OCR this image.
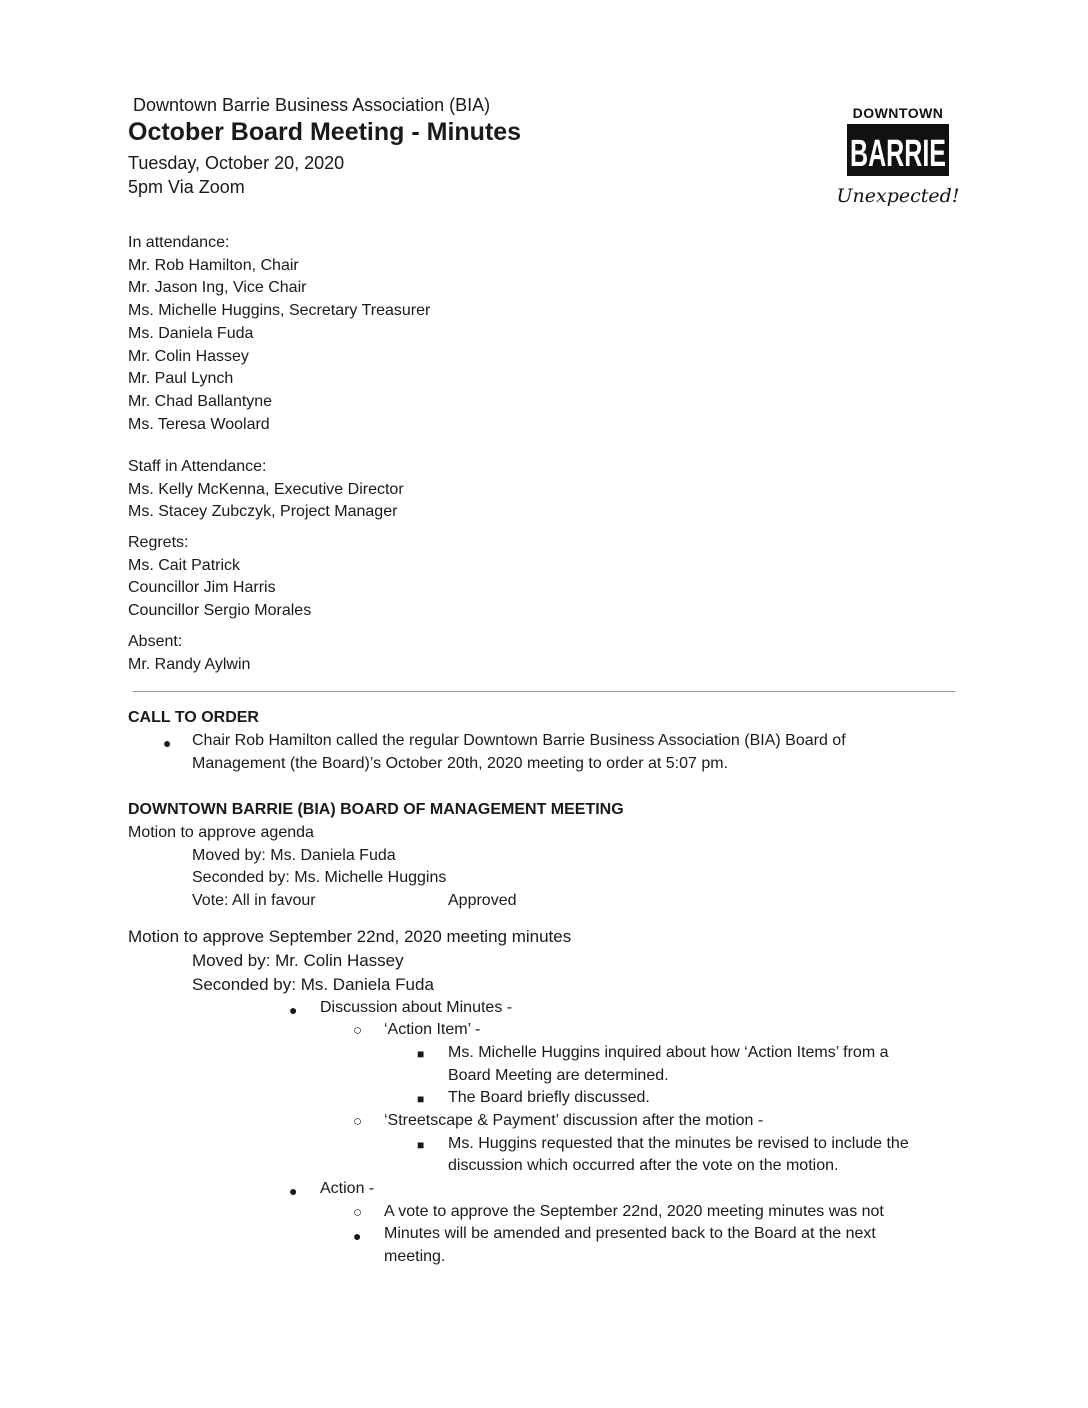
Downtown Barrie Business Association (BIA)
October Board Meeting - Minutes
Tuesday, October 20, 2020
5pm Via Zoom
DOWNTOWN
BARRIE
Unexpected!
In attendance:
Mr. Rob Hamilton, Chair
Mr. Jason Ing, Vice Chair
Ms. Michelle Huggins, Secretary Treasurer
Ms. Daniela Fuda
Mr. Colin Hassey
Mr. Paul Lynch
Mr. Chad Ballantyne
Ms. Teresa Woolard
Staff in Attendance:
Ms. Kelly McKenna, Executive Director
Ms. Stacey Zubczyk, Project Manager
Regrets:
Ms. Cait Patrick
Councillor Jim Harris
Councillor Sergio Morales
Absent:
Mr. Randy Aylwin
CALL TO ORDER
● Chair Rob Hamilton called the regular Downtown Barrie Business Association (BIA) Board of
Management (the Board)’s October 20th, 2020 meeting to order at 5:07 pm.
DOWNTOWN BARRIE (BIA) BOARD OF MANAGEMENT MEETING
Motion to approve agenda
Moved by: Ms. Daniela Fuda
Seconded by: Ms. Michelle Huggins
Vote: All in favour	Approved
Motion to approve September 22nd, 2020 meeting minutes
Moved by: Mr. Colin Hassey
Seconded by: Ms. Daniela Fuda
● Discussion about Minutes -
○ ‘Action Item’ -
■ Ms. Michelle Huggins inquired about how ‘Action Items’ from a
Board Meeting are determined.
■ The Board briefly discussed.
○ ‘Streetscape & Payment’ discussion after the motion -
■ Ms. Huggins requested that the minutes be revised to include the
discussion which occurred after the vote on the motion.
● Action -
○ A vote to approve the September 22nd, 2020 meeting minutes was not
● Minutes will be amended and presented back to the Board at the next
meeting.
